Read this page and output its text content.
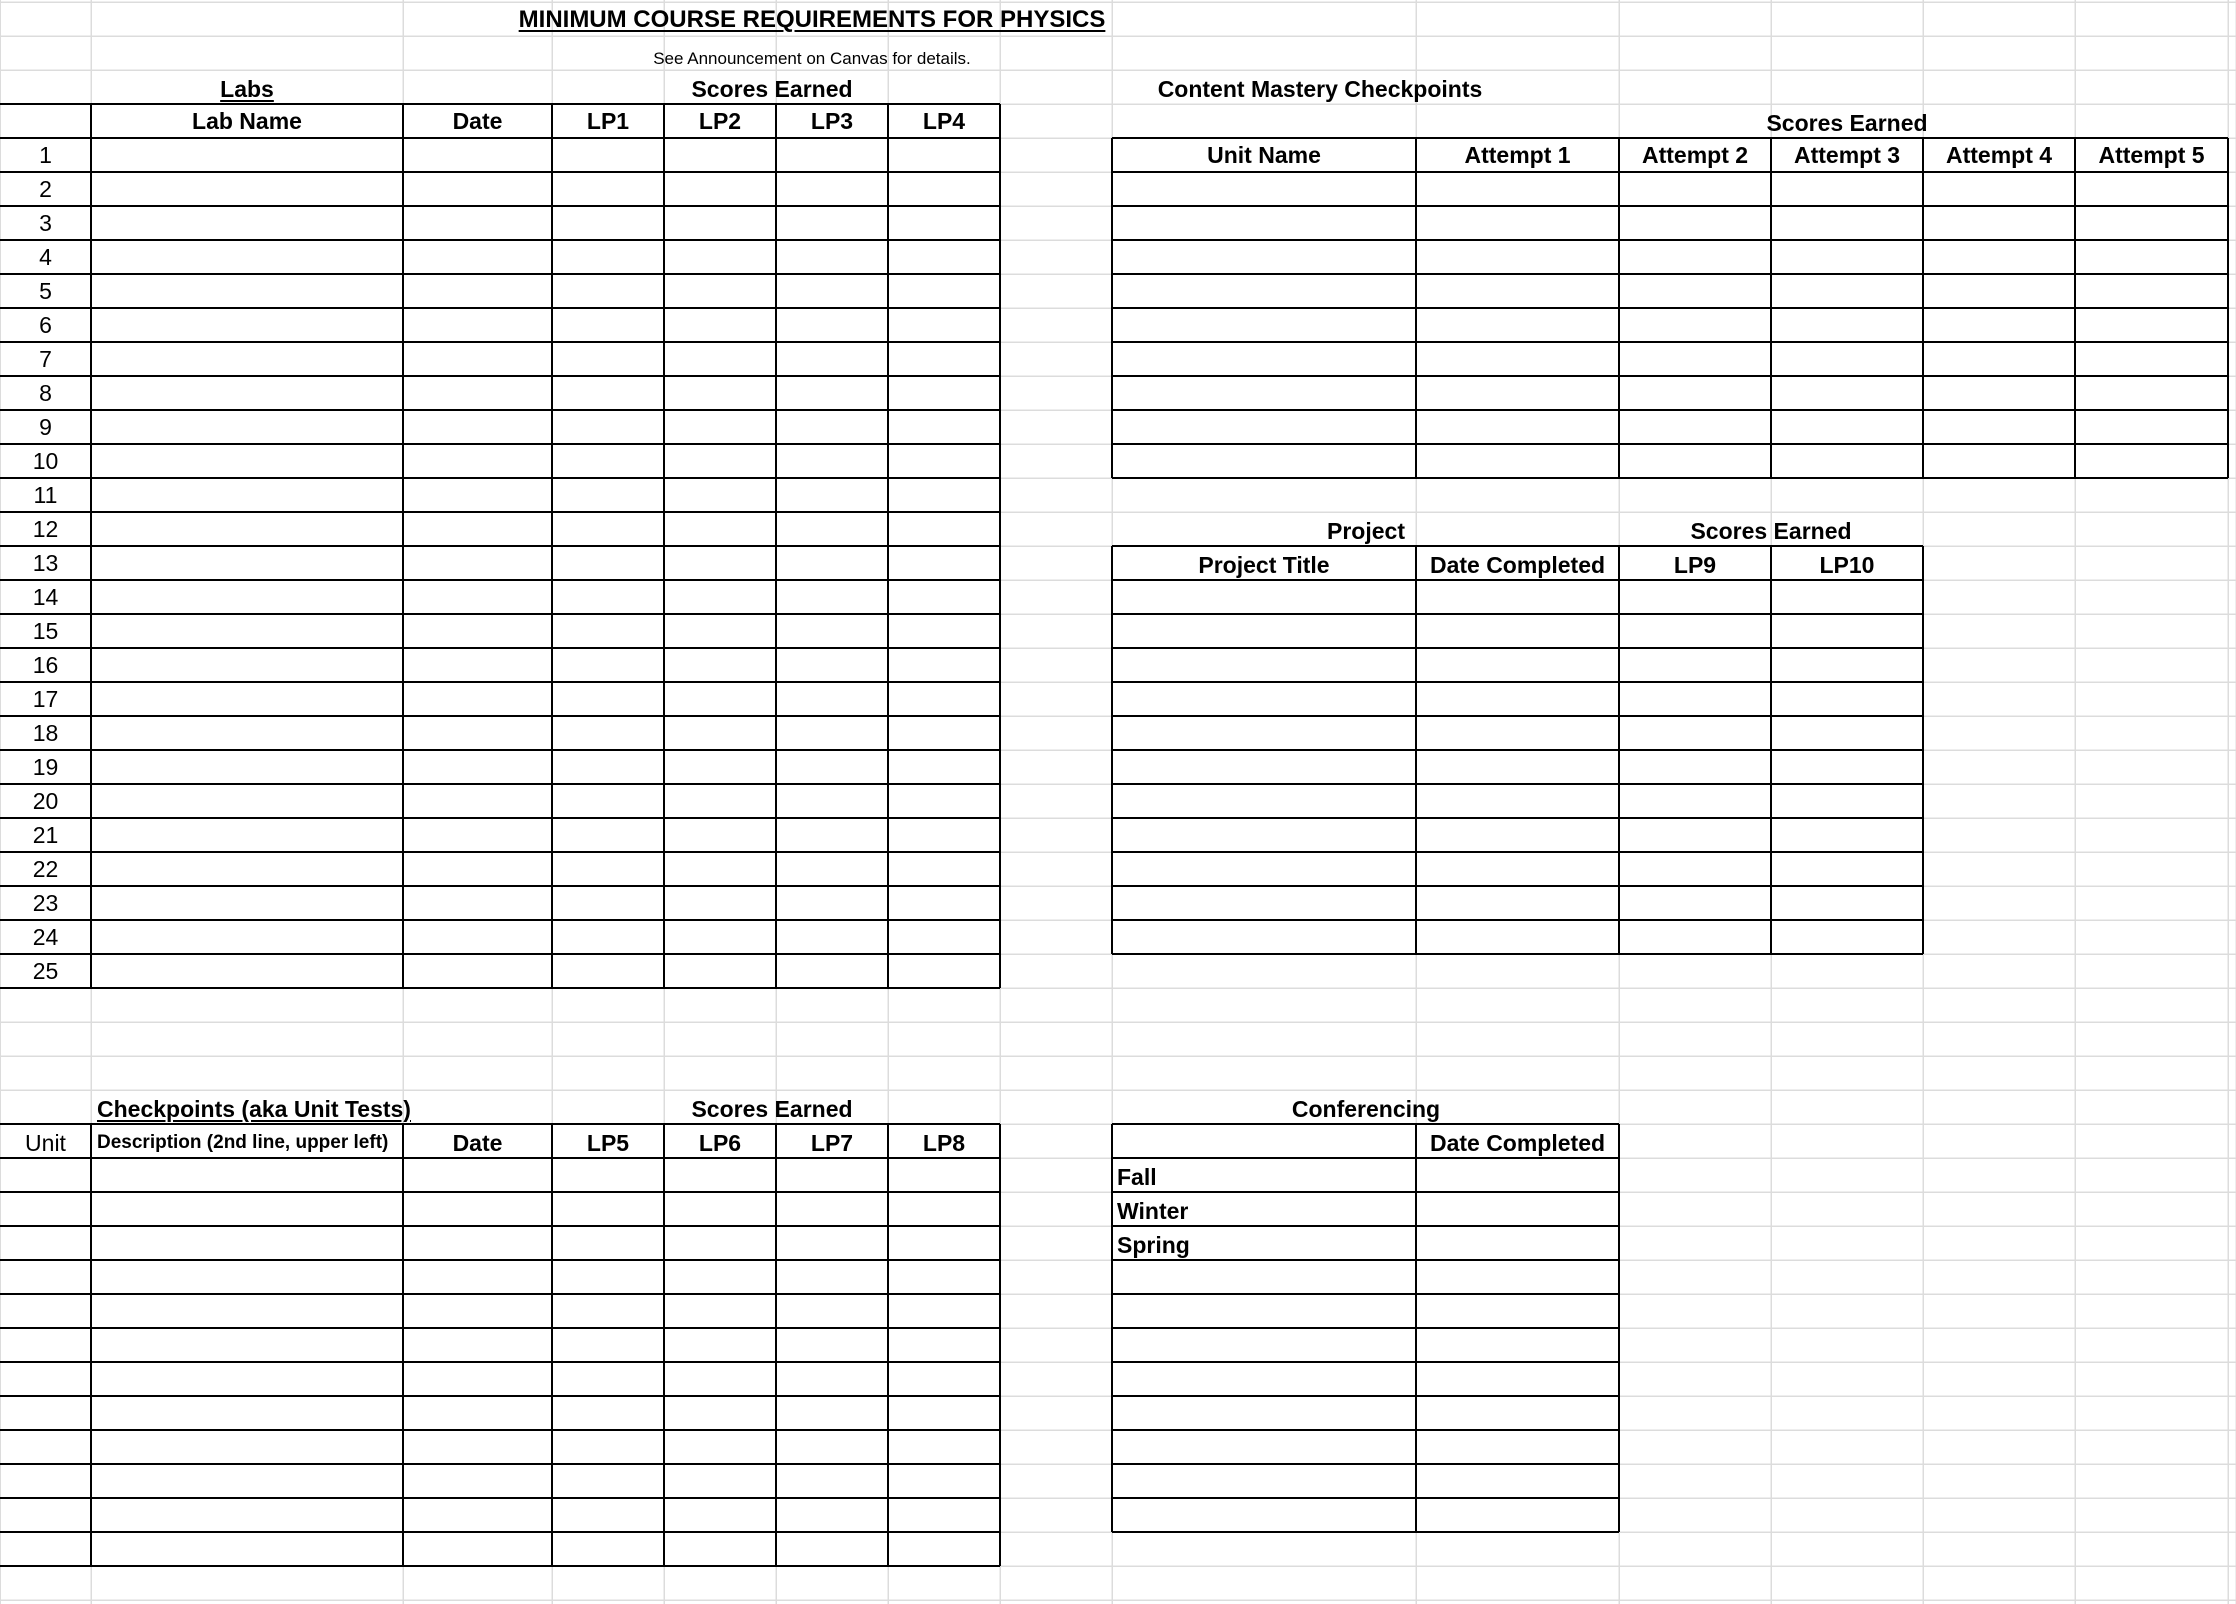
MINIMUM COURSE REQUIREMENTS FOR PHYSICS
See Announcement on Canvas for details.
Labs	Scores Earned
Lab Name	Date	LP1	LP2	LP3	LP4
1
2
3
4
5
6
7
8
9
10
11
12
13
14
15
16
17
18
19
20
21
22
23
24
25
Content Mastery Checkpoints
Scores Earned
Unit Name	Attempt 1	Attempt 2	Attempt 3	Attempt 4	Attempt 5
Project	Scores Earned
Project Title	Date Completed	LP9	LP10
Checkpoints (aka Unit Tests)	Scores Earned
Unit	Description (2nd line, upper left)	Date	LP5	LP6	LP7	LP8
Conferencing
Date Completed
Fall
Winter
Spring
